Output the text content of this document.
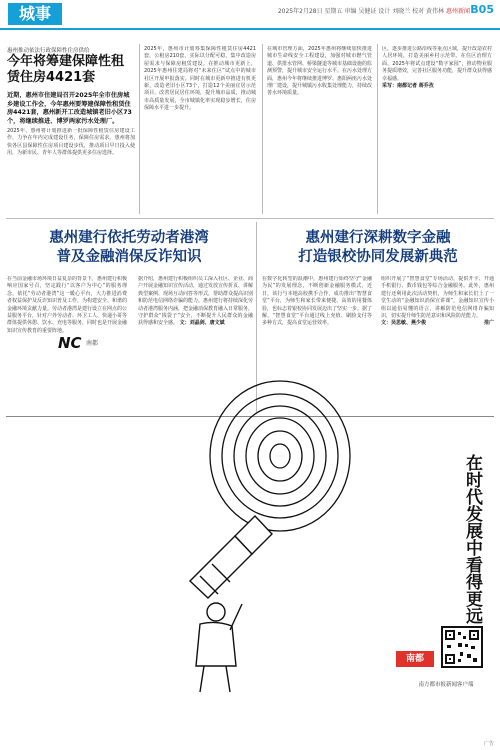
城事	2025年2月28日 星期五 审编 吴健证 设计 刘晓兰 校对 黄伟林 惠州新闻 B05
惠州推动依法行政保障性住房供给
今年将筹建保障性租赁住房4421套
近期，惠州市住建局召开2025年全市住房城乡建设工作会，今年惠州要筹建保障性租赁住房4421套，惠州新开工改造城镇老旧小区73个，将继续推进、博罗两家污水处理厂。
2025年，惠州将计划推进新一批保障性租赁住房建设工作，力争在年内完成建设任务，保障住房需求。惠州将加快各区县保障性住房项目建设步伐，推动项目早日投入使用，为新市民、青年人等群体提供更多住房选择。
2025年，惠州市计划筹集保障性租赁住房4421套，公租房210套，实际以分配可稳，集中改造房屋需求与保障房租赁建设。在推动城市更新上，2025年惠州住建局将对“未来住区”试点中的城市社区开展申报落实。同时在城市更新中推进有机更新，改造老旧小区73个，打造12个美丽宜居示范项目，改善居民居住环境，提升城市品质，推动城市高质量发展，全市城镇化率实现稳步增长，住房保障水平进一步提升。
在城市管理方面，2025年惠州将继续加快推进城市生命线安全工程建设，加强对城市燃气管道、供排水管网、桥梁隧道等城市基础设施的监测预警，提升城市安全运行水平。在污水处理方面，惠州今年将继续推进博罗、惠阳两座污水处理厂建设，提升城镇污水收集处理能力，持续改善水环境质量。
区，逐步推进公路沿线等重点区域，提升改造农村人居环境，打造美丽乡村示范带。在住区治理方面，2025年将试点建设“数字家园”，推动物业服务提质增效，完善社区服务功能，提升群众获得感幸福感。
采写：南都记者 蒋乔孜
惠州建行依托劳动者港湾
普及金融消保反诈知识
在当前金融市场环境日益复杂的背景下，惠州建行积极响应国家号召，坚定践行“以客户为中心”的服务理念，依托“劳动者港湾”这一暖心平台，大力推进消费者权益保护及反诈知识普及工作，为构建安全、和谐的金融环境贡献力量。劳动者港湾是建行设立在网点的公益服务平台，针对户外劳动者、环卫工人、快递小哥等群体提供休憩、饮水、充电等服务，同时也是开展金融知识宣传教育的重要阵地。
据介绍，惠州建行积极组织员工深入社区、企业、商户开展金融知识宣传活动，通过发放宣传折页、讲解典型案例、现场互动问答等形式，帮助群众提高识别和防范电信网络诈骗的能力。惠州建行将持续深化劳动者港湾服务内涵，把金融消保教育融入日常服务，守护群众“钱袋子”安全，不断提升人民群众的金融获得感和安全感。 文：刘晶剑、唐文斌
惠州建行深耕数字金融
打造银校协同发展新典范
在数字化转型的浪潮中，惠州建行始终坚守“金融为民”的发展理念，不断创新金融服务模式，近日，该行与本地高校携手合作，成功推出“智慧食堂”平台，为师生和家长带来便捷、高效的用餐体验，也标志着银校协同发展迈出了坚实一步。据了解，“智慧食堂”平台通过线上充值、刷脸支付等多种方式，提高食堂运营效率。
组织开展了“智慧食堂”专场活动，提供开卡、开通手机银行、数币钱包等综合金融服务。此外，惠州建行还利用此次活动契机，为师生和家长们上了一堂生动的“金融知识消保宣讲课”，金融知识宣传小组以通俗易懂的语言，讲解防范电信网络诈骗知识，切实提升师生防范意识和风险防范能力。
文：吴思敏、燕少俊	推广
NC 南都
在时代发展中看得更远
南都
南方都市报新闻客户端
广告
